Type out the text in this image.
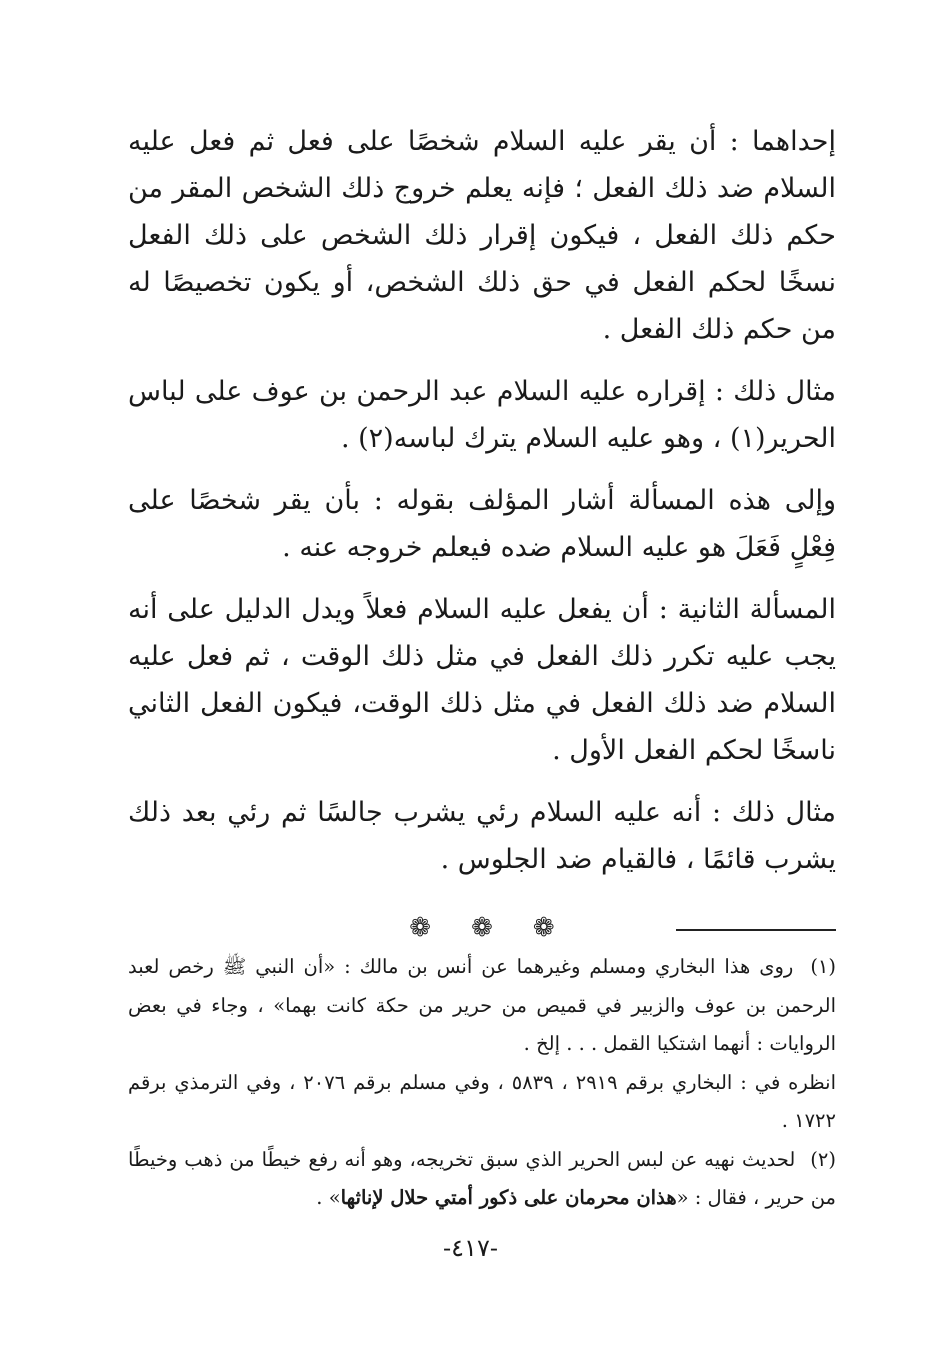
إحداهما : أن يقر عليه السلام شخصًا على فعل ثم فعل عليه السلام ضد ذلك الفعل ؛ فإنه يعلم خروج ذلك الشخص المقر من حكم ذلك الفعل ، فيكون إقرار ذلك الشخص على ذلك الفعل نسخًا لحكم الفعل في حق ذلك الشخص، أو يكون تخصيصًا له من حكم ذلك الفعل .

مثال ذلك : إقراره عليه السلام عبد الرحمن بن عوف على لباس الحرير(١) ، وهو عليه السلام يترك لباسه(٢) .

وإلى هذه المسألة أشار المؤلف بقوله : بأن يقر شخصًا على فِعْلٍ فَعَلَ هو عليه السلام ضده فيعلم خروجه عنه .

المسألة الثانية : أن يفعل عليه السلام فعلاً ويدل الدليل على أنه يجب عليه تكرر ذلك الفعل في مثل ذلك الوقت ، ثم فعل عليه السلام ضد ذلك الفعل في مثل ذلك الوقت، فيكون الفعل الثاني ناسخًا لحكم الفعل الأول .

مثال ذلك : أنه عليه السلام رئي يشرب جالسًا ثم رئي بعد ذلك يشرب قائمًا ، فالقيام ضد الجلوس .

❁ ❁ ❁

(١) روى هذا البخاري ومسلم وغيرهما عن أنس بن مالك : «أن النبي ﷺ رخص لعبد الرحمن بن عوف والزبير في قميص من حرير من حكة كانت بهما» ، وجاء في بعض الروايات : أنهما اشتكيا القمل . . . إلخ .

انظره في : البخاري برقم ٢٩١٩ ، ٥٨٣٩ ، وفي مسلم برقم ٢٠٧٦ ، وفي الترمذي برقم ١٧٢٢ .

(٢) لحديث نهيه عن لبس الحرير الذي سبق تخريجه، وهو أنه رفع خيطًا من ذهب وخيطًا من حرير ، فقال : «هذان محرمان على ذكور أمتي حلال لإناثها» .

-٤١٧-
